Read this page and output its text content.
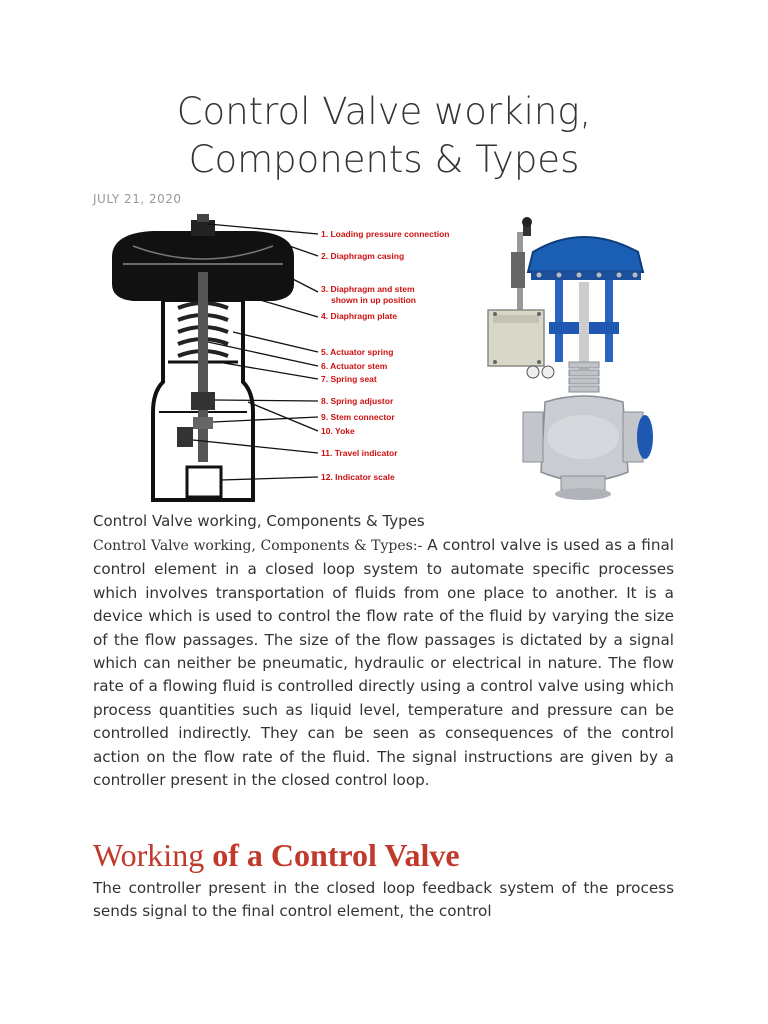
Control Valve working,
Components & Types
JULY 21, 2020
1. Loading pressure connection
2. Diaphragm casing
3. Diaphragm and stem
shown in up position
4. Diaphragm plate
5. Actuator spring
6. Actuator stem
7. Spring seat
8. Spring adjustor
9. Stem connector
10. Yoke
11. Travel indicator
12. Indicator scale
Control Valve working, Components & Types

Control Valve working, Components & Types:- A control valve is used as a final control element in a closed loop system to automate specific processes which involves transportation of fluids from one place to another. It is a device which is used to control the flow rate of the fluid by varying the size of the flow passages. The size of the flow passages is dictated by a signal which can neither be pneumatic, hydraulic or electrical in nature. The flow rate of a flowing fluid is controlled directly using a control valve using which process quantities such as liquid level, temperature and pressure can be controlled indirectly. They can be seen as consequences of the control action on the flow rate of the fluid. The signal instructions are given by a controller present in the closed control loop.

Working of a Control Valve

The controller present in the closed loop feedback system of the process sends signal to the final control element, the control
